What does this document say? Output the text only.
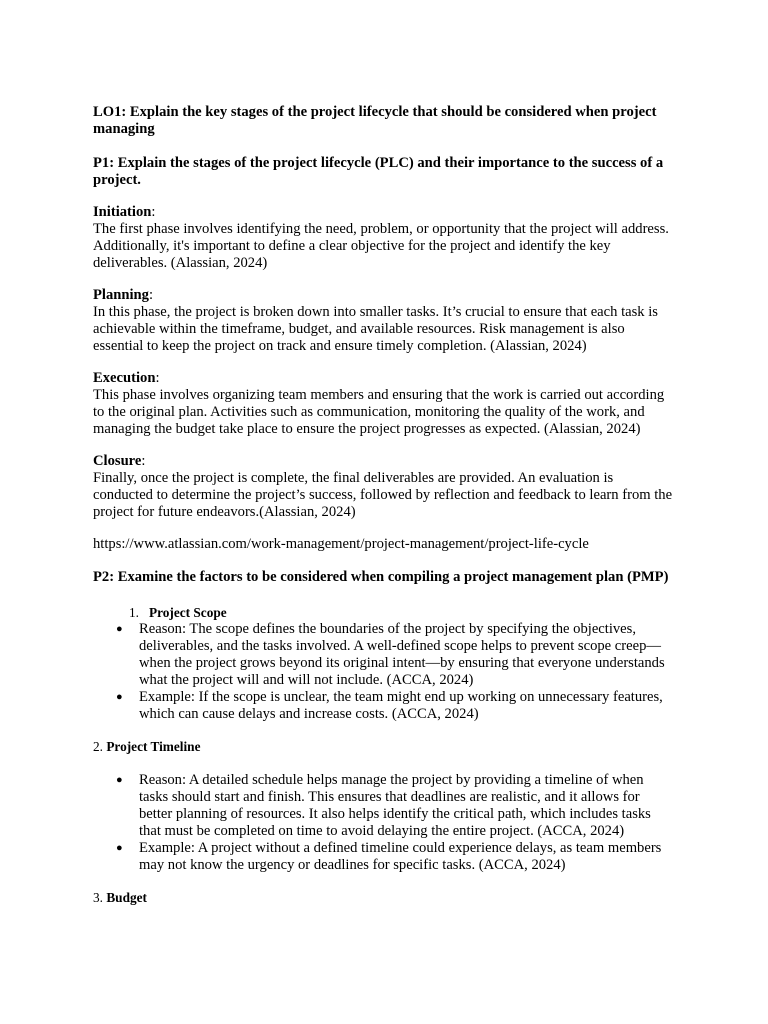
LO1: Explain the key stages of the project lifecycle that should be considered when project managing

P1: Explain the stages of the project lifecycle (PLC) and their importance to the success of a project.

Initiation:

The first phase involves identifying the need, problem, or opportunity that the project will address. Additionally, it's important to define a clear objective for the project and identify the key deliverables. (Alassian, 2024)

Planning:

In this phase, the project is broken down into smaller tasks. It’s crucial to ensure that each task is achievable within the timeframe, budget, and available resources. Risk management is also essential to keep the project on track and ensure timely completion. (Alassian, 2024)

Execution:

This phase involves organizing team members and ensuring that the work is carried out according to the original plan. Activities such as communication, monitoring the quality of the work, and managing the budget take place to ensure the project progresses as expected. (Alassian, 2024)

Closure:

Finally, once the project is complete, the final deliverables are provided. An evaluation is conducted to determine the project’s success, followed by reflection and feedback to learn from the project for future endeavors.(Alassian, 2024)

https://www.atlassian.com/work-management/project-management/project-life-cycle

P2: Examine the factors to be considered when compiling a project management plan (PMP)

1. Project Scope
● Reason: The scope defines the boundaries of the project by specifying the objectives, deliverables, and the tasks involved. A well-defined scope helps to prevent scope creep—when the project grows beyond its original intent—by ensuring that everyone understands what the project will and will not include. (ACCA, 2024)
● Example: If the scope is unclear, the team might end up working on unnecessary features, which can cause delays and increase costs. (ACCA, 2024)
2. Project Timeline
● Reason: A detailed schedule helps manage the project by providing a timeline of when tasks should start and finish. This ensures that deadlines are realistic, and it allows for better planning of resources. It also helps identify the critical path, which includes tasks that must be completed on time to avoid delaying the entire project. (ACCA, 2024)
● Example: A project without a defined timeline could experience delays, as team members may not know the urgency or deadlines for specific tasks. (ACCA, 2024)
3. Budget
